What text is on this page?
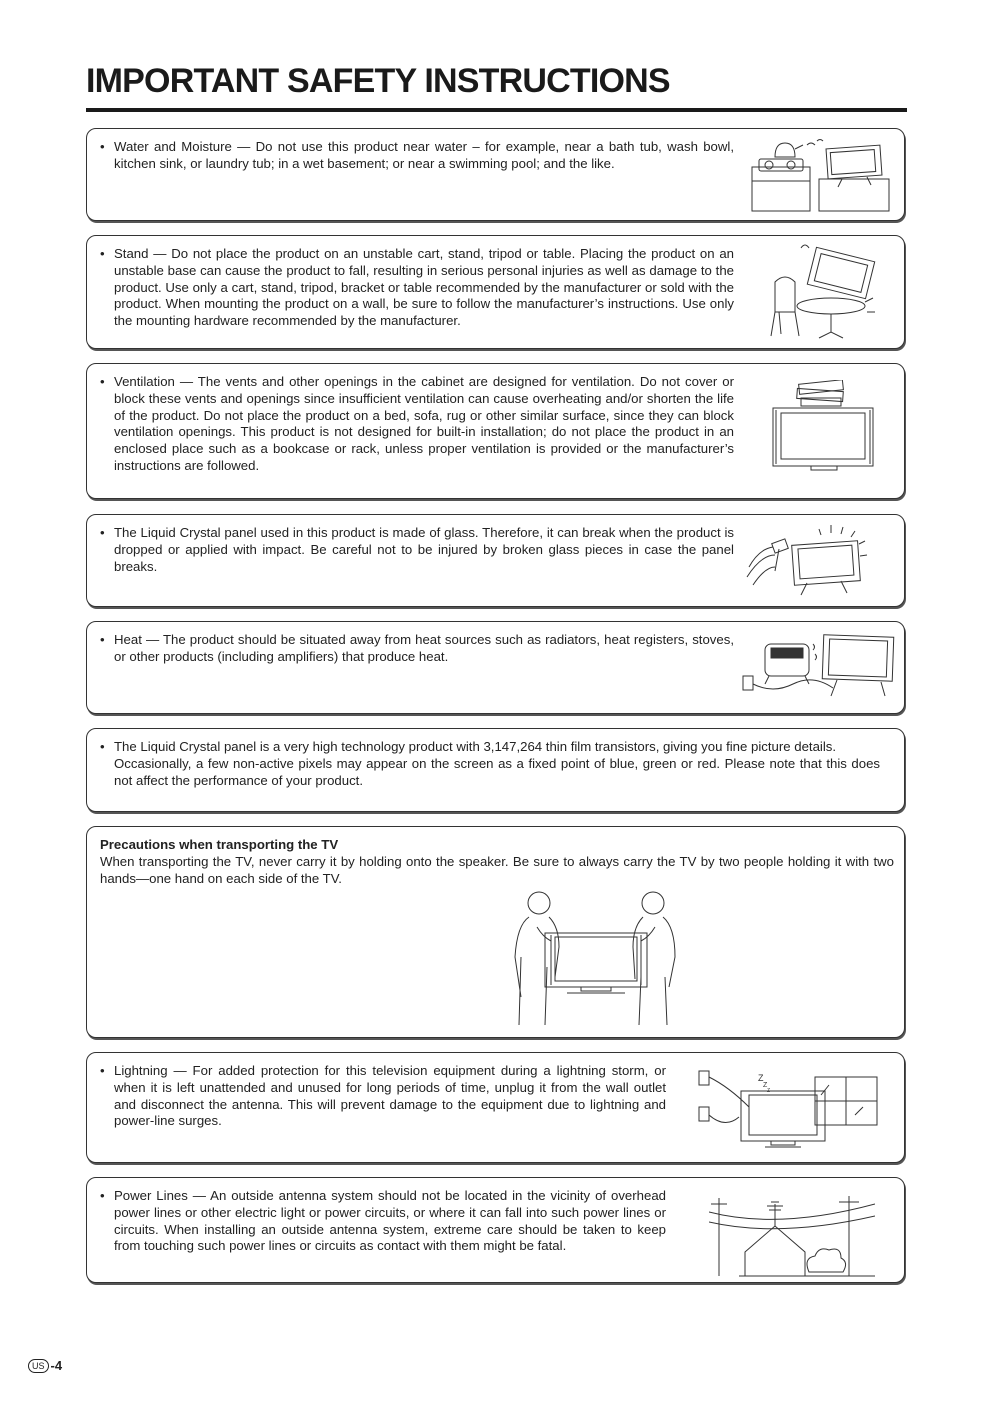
IMPORTANT SAFETY INSTRUCTIONS
• Water and Moisture — Do not use this product near water – for example, near a bath tub, wash bowl, kitchen sink, or laundry tub; in a wet basement; or near a swimming pool; and the like.
• Stand — Do not place the product on an unstable cart, stand, tripod or table. Placing the product on an unstable base can cause the product to fall, resulting in serious personal injuries as well as damage to the product. Use only a cart, stand, tripod, bracket or table recommended by the manufacturer or sold with the product. When mounting the product on a wall, be sure to follow the manufacturer’s instructions. Use only the mounting hardware recommended by the manufacturer.
• Ventilation — The vents and other openings in the cabinet are designed for ventilation. Do not cover or block these vents and openings since insufficient ventilation can cause overheating and/or shorten the life of the product. Do not place the product on a bed, sofa, rug or other similar surface, since they can block ventilation openings. This product is not designed for built-in installation; do not place the product in an enclosed place such as a bookcase or rack, unless proper ventilation is provided or the manufacturer’s instructions are followed.
• The Liquid Crystal panel used in this product is made of glass. Therefore, it can break when the product is dropped or applied with impact. Be careful not to be injured by broken glass pieces in case the panel breaks.
• Heat — The product should be situated away from heat sources such as radiators, heat registers, stoves, or other products (including amplifiers) that produce heat.
• The Liquid Crystal panel is a very high technology product with 3,147,264 thin film transistors, giving you fine picture details.
Occasionally, a few non-active pixels may appear on the screen as a fixed point of blue, green or red. Please note that this does not affect the performance of your product.
Precautions when transporting the TV
When transporting the TV, never carry it by holding onto the speaker. Be sure to always carry the TV by two people holding it with two hands—one hand on each side of the TV.
• Lightning — For added protection for this television equipment during a lightning storm, or when it is left unattended and unused for long periods of time, unplug it from the wall outlet and disconnect the antenna. This will prevent damage to the equipment due to lightning and power-line surges.
Z
Z
Z
• Power Lines — An outside antenna system should not be located in the vicinity of overhead power lines or other electric light or power circuits, or where it can fall into such power lines or circuits. When installing an outside antenna system, extreme care should be taken to keep from touching such power lines or circuits as contact with them might be fatal.
US -4
